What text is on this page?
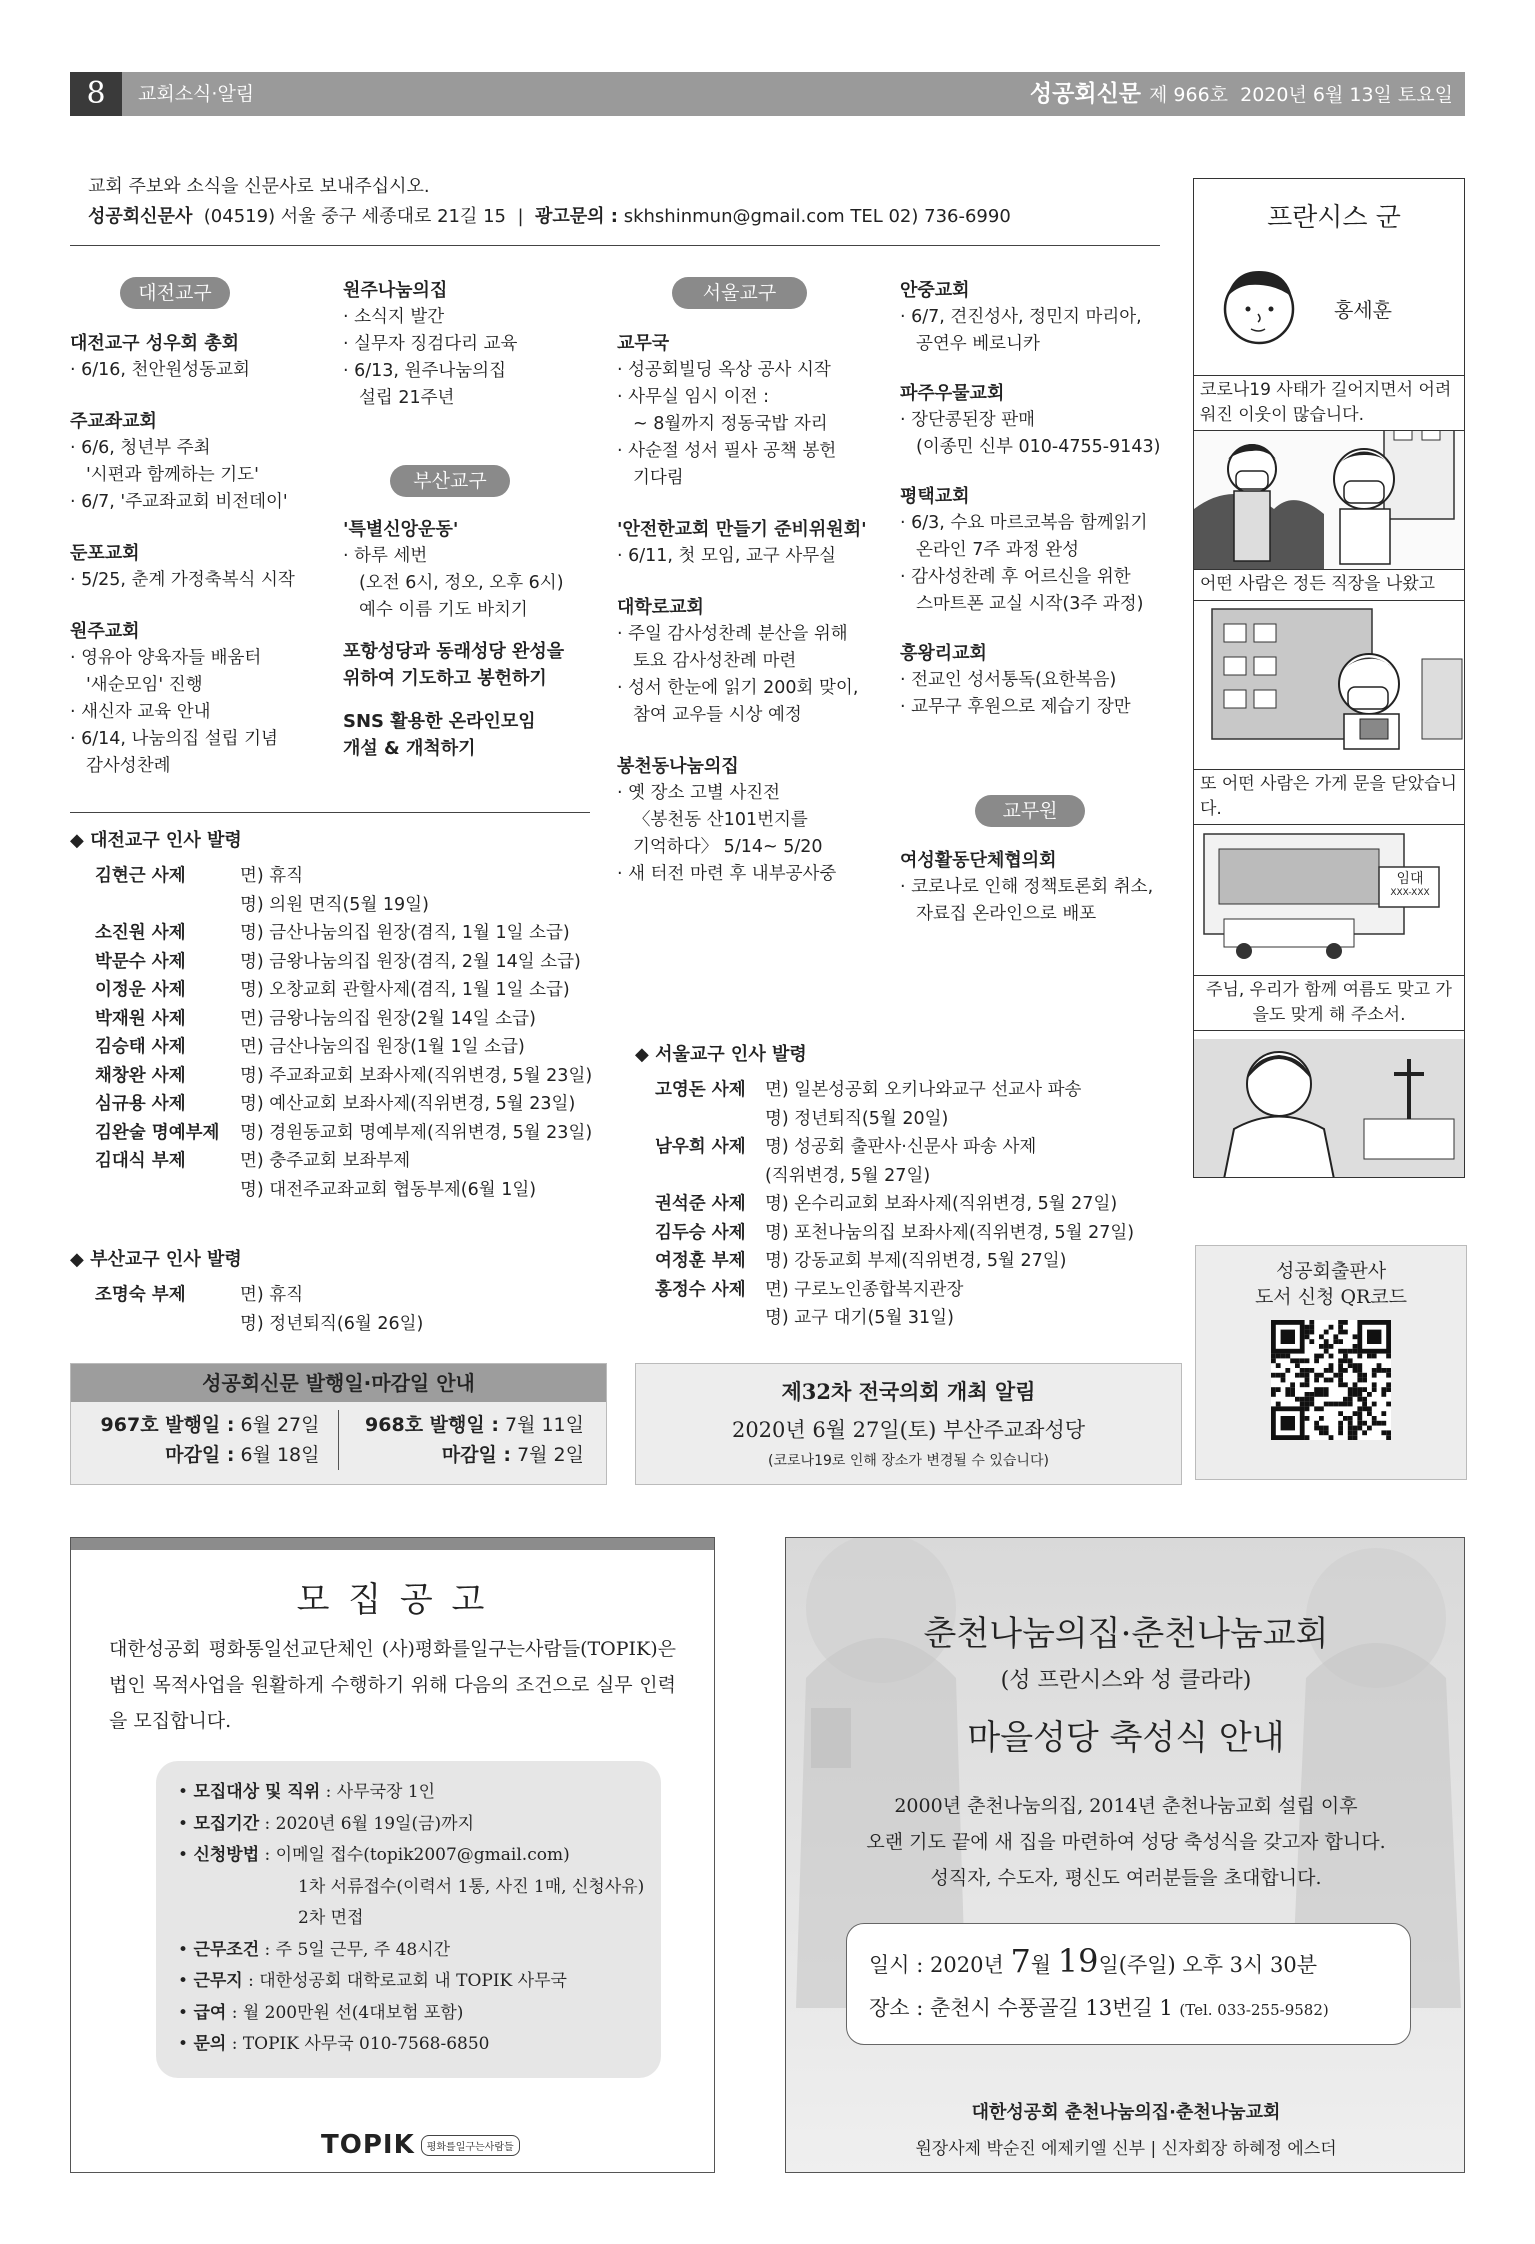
8	교회소식·알림	성공회신문 제 966호 2020년 6월 13일 토요일
교회 주보와 소식을 신문사로 보내주십시오.
성공회신문사 (04519) 서울 중구 세종대로 21길 15  |  광고문의 : skhshinmun@gmail.com TEL 02) 736-6990
대전교구
대전교구 성우회 총회
· 6/16, 천안원성동교회
주교좌교회
· 6/6, 청년부 주최
'시편과 함께하는 기도'
· 6/7, '주교좌교회 비전데이'
둔포교회
· 5/25, 춘계 가정축복식 시작
원주교회
· 영유아 양육자들 배움터
'새순모임' 진행
· 새신자 교육 안내
· 6/14, 나눔의집 설립 기념
감사성찬례
원주나눔의집
· 소식지 발간
· 실무자 징검다리 교육
· 6/13, 원주나눔의집
설립 21주년
부산교구
'특별신앙운동'
· 하루 세번
(오전 6시, 정오, 오후 6시)
예수 이름 기도 바치기
포항성당과 동래성당 완성을
위하여 기도하고 봉헌하기
SNS 활용한 온라인모임
개설 & 개척하기
서울교구
교무국
· 성공회빌딩 옥상 공사 시작
· 사무실 임시 이전 :
~ 8월까지 정동국밥 자리
· 사순절 성서 필사 공책 봉헌
기다림
'안전한교회 만들기 준비위원회'
· 6/11, 첫 모임, 교구 사무실
대학로교회
· 주일 감사성찬례 분산을 위해
토요 감사성찬례 마련
· 성서 한눈에 읽기 200회 맞이,
참여 교우들 시상 예정
봉천동나눔의집
· 옛 장소 고별 사진전
〈봉천동 산101번지를
기억하다〉 5/14~ 5/20
· 새 터전 마련 후 내부공사중
안중교회
· 6/7, 견진성사, 정민지 마리아,
공연우 베로니카
파주우물교회
· 장단콩된장 판매
(이종민 신부 010-4755-9143)
평택교회
· 6/3, 수요 마르코복음 함께읽기
온라인 7주 과정 완성
· 감사성찬례 후 어르신을 위한
스마트폰 교실 시작(3주 과정)
흥왕리교회
· 전교인 성서통독(요한복음)
· 교무구 후원으로 제습기 장만
교무원
여성활동단체협의회
· 코로나로 인해 정책토론회 취소,
자료집 온라인으로 배포
◆ 대전교구 인사 발령
김현근 사제	면) 휴직
명) 의원 면직(5월 19일)
소진원 사제	명) 금산나눔의집 원장(겸직, 1월 1일 소급)
박문수 사제	명) 금왕나눔의집 원장(겸직, 2월 14일 소급)
이정운 사제	명) 오창교회 관할사제(겸직, 1월 1일 소급)
박재원 사제	면) 금왕나눔의집 원장(2월 14일 소급)
김승태 사제	면) 금산나눔의집 원장(1월 1일 소급)
채창완 사제	명) 주교좌교회 보좌사제(직위변경, 5월 23일)
심규용 사제	명) 예산교회 보좌사제(직위변경, 5월 23일)
김완술 명예부제	명) 경원동교회 명예부제(직위변경, 5월 23일)
김대식 부제	면) 충주교회 보좌부제
명) 대전주교좌교회 협동부제(6월 1일)
◆ 부산교구 인사 발령
조명숙 부제	면) 휴직
명) 정년퇴직(6월 26일)
◆ 서울교구 인사 발령
고영돈 사제	면) 일본성공회 오키나와교구 선교사 파송
명) 정년퇴직(5월 20일)
남우희 사제	명) 성공회 출판사·신문사 파송 사제
(직위변경, 5월 27일)
권석준 사제	명) 온수리교회 보좌사제(직위변경, 5월 27일)
김두승 사제	명) 포천나눔의집 보좌사제(직위변경, 5월 27일)
여정훈 부제	명) 강동교회 부제(직위변경, 5월 27일)
홍정수 사제	면) 구로노인종합복지관장
명) 교구 대기(5월 31일)
성공회신문 발행일·마감일 안내
967호 발행일 : 6월 27일
마감일 : 6월 18일
968호 발행일 : 7월 11일
마감일 : 7월 2일
제32차 전국의회 개최 알림
2020년 6월 27일(토) 부산주교좌성당
(코로나19로 인해 장소가 변경될 수 있습니다)
프란시스 군
홍세훈
코로나19 사태가 길어지면서 어려워진 이웃이 많습니다.
어떤 사람은 정든 직장을 나왔고
또 어떤 사람은 가게 문을 닫았습니다.
임대
XXX-XXX
주님, 우리가 함께 여름도 맞고 가을도 맞게 해 주소서.
성공회출판사
도서 신청 QR코드
모 집 공 고
대한성공회 평화통일선교단체인 (사)평화를일구는사람들(TOPIK)은 법인 목적사업을 원활하게 수행하기 위해 다음의 조건으로 실무 인력을 모집합니다.
• 모집대상 및 직위 : 사무국장 1인
• 모집기간 : 2020년 6월 19일(금)까지
• 신청방법 : 이메일 접수(topik2007@gmail.com)
1차 서류접수(이력서 1통, 사진 1매, 신청사유)
2차 면접
• 근무조건 : 주 5일 근무, 주 48시간
• 근무지 : 대한성공회 대학로교회 내 TOPIK 사무국
• 급여 : 월 200만원 선(4대보험 포함)
• 문의 : TOPIK 사무국 010-7568-6850
TOPIK	평화를일구는사람들
춘천나눔의집·춘천나눔교회
(성 프란시스와 성 클라라)
마을성당 축성식 안내
2000년 춘천나눔의집, 2014년 춘천나눔교회 설립 이후
오랜 기도 끝에 새 집을 마련하여 성당 축성식을 갖고자 합니다.
성직자, 수도자, 평신도 여러분들을 초대합니다.
일시 : 2020년 7월 19일(주일) 오후 3시 30분
장소 : 춘천시 수풍골길 13번길 1 (Tel. 033-255-9582)
대한성공회 춘천나눔의집·춘천나눔교회
원장사제 박순진 에제키엘 신부 | 신자회장 하혜정 에스더
